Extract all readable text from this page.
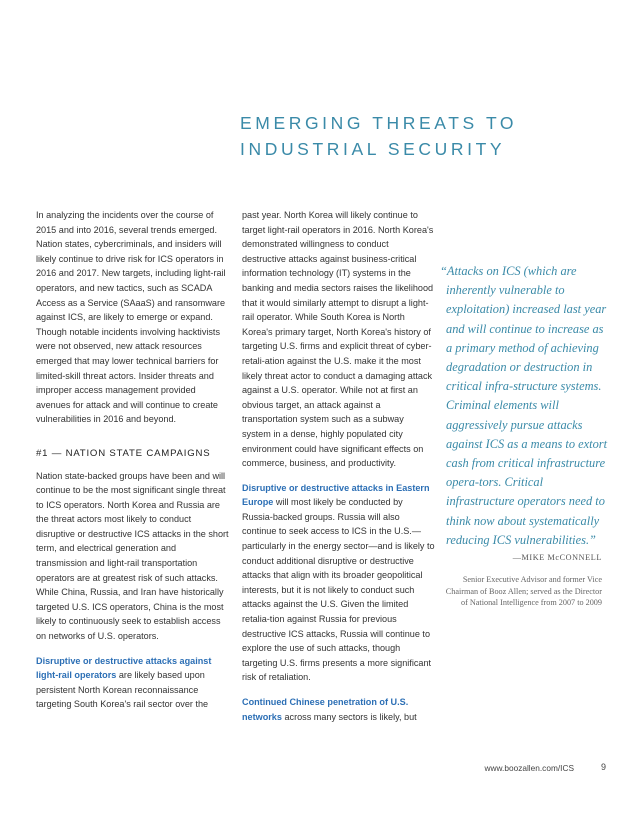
EMERGING THREATS TO
INDUSTRIAL SECURITY

In analyzing the incidents over the course of 2015 and into 2016, several trends emerged. Nation states, cybercriminals, and insiders will likely continue to drive risk for ICS operators in 2016 and 2017. New targets, including light-rail operators, and new tactics, such as SCADA Access as a Service (SAaaS) and ransomware against ICS, are likely to emerge or expand. Though notable incidents involving hacktivists were not observed, new attack resources emerged that may lower technical barriers for limited-skill threat actors. Insider threats and improper access management provided avenues for attack and will continue to create vulnerabilities in 2016 and beyond.

#1 — NATION STATE CAMPAIGNS

Nation state-backed groups have been and will continue to be the most significant single threat to ICS operators. North Korea and Russia are the threat actors most likely to conduct disruptive or destructive ICS attacks in the short term, and electrical generation and transmission and light-rail transportation operators are at greatest risk of such attacks. While China, Russia, and Iran have historically targeted U.S. ICS operators, China is the most likely to continuously seek to establish access on networks of U.S. operators.

Disruptive or destructive attacks against light-rail operators are likely based upon persistent North Korean reconnaissance targeting South Korea's rail sector over the

past year. North Korea will likely continue to target light-rail operators in 2016. North Korea's demonstrated willingness to conduct destructive attacks against business-critical information technology (IT) systems in the banking and media sectors raises the likelihood that it would similarly attempt to disrupt a light-rail operator. While South Korea is North Korea's primary target, North Korea's history of targeting U.S. firms and explicit threat of cyber-retali-ation against the U.S. make it the most likely threat actor to conduct a damaging attack against a U.S. operator. While not at first an obvious target, an attack against a transportation system such as a subway system in a dense, highly populated city environment could have significant effects on commerce, business, and productivity.

Disruptive or destructive attacks in Eastern Europe will most likely be conducted by Russia-backed groups. Russia will also continue to seek access to ICS in the U.S.—particularly in the energy sector—and is likely to conduct additional disruptive or destructive attacks that align with its broader geopolitical interests, but it is not likely to conduct such attacks against the U.S. Given the limited retalia-tion against Russia for previous destructive ICS attacks, Russia will continue to explore the use of such attacks, though targeting U.S. firms presents a more significant risk of retaliation.

Continued Chinese penetration of U.S. networks across many sectors is likely, but

“Attacks on ICS (which are inherently vulnerable to exploitation) increased last year and will continue to increase as a primary method of achieving degradation or destruction in critical infra-structure systems. Criminal elements will aggressively pursue attacks against ICS as a means to extort cash from critical infrastructure opera-tors. Critical infrastructure operators need to think now about systematically reducing ICS vulnerabilities.”

—MIKE McCONNELL
Senior Executive Advisor and former Vice Chairman of Booz Allen; served as the Director of National Intelligence from 2007 to 2009
www.boozallen.com/ICS	9
